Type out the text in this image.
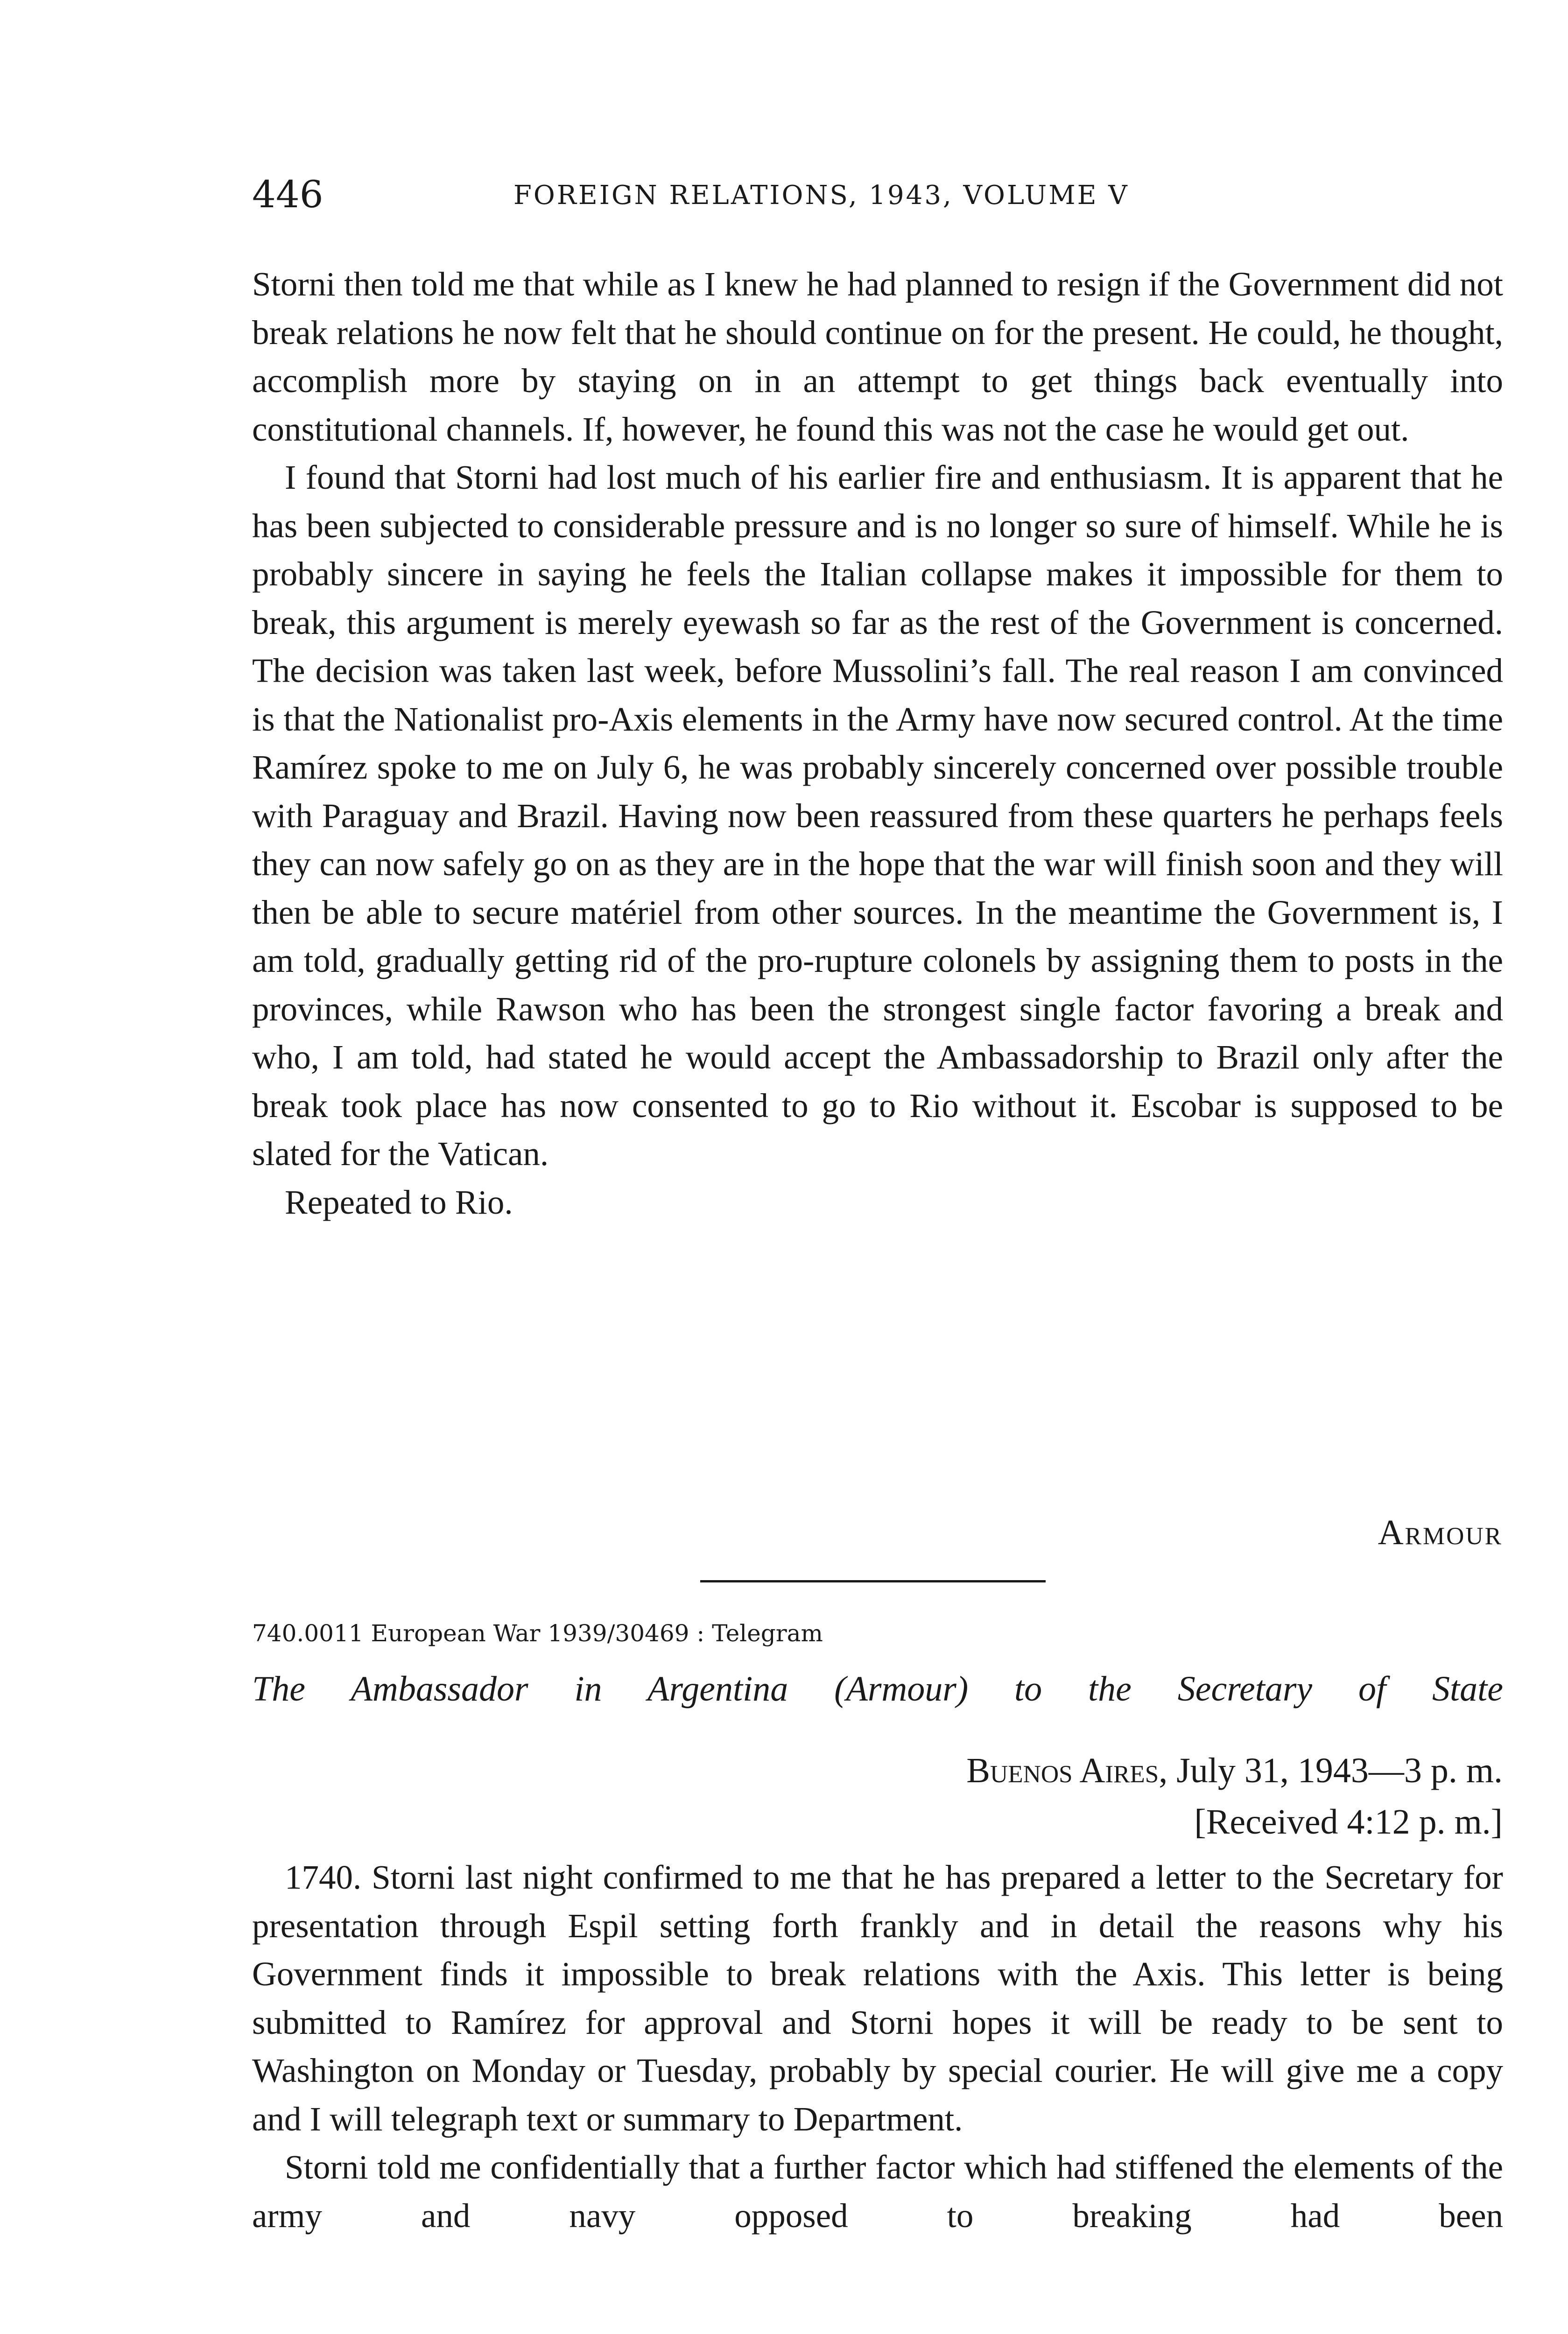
446	FOREIGN RELATIONS, 1943, VOLUME V

Storni then told me that while as I knew he had planned to resign if the Government did not break relations he now felt that he should continue on for the present. He could, he thought, accomplish more by staying on in an attempt to get things back eventually into constitutional channels. If, however, he found this was not the case he would get out.

I found that Storni had lost much of his earlier fire and enthusiasm. It is apparent that he has been subjected to considerable pressure and is no longer so sure of himself. While he is probably sincere in saying he feels the Italian collapse makes it impossible for them to break, this argument is merely eyewash so far as the rest of the Government is concerned. The decision was taken last week, before Mussolini’s fall. The real reason I am convinced is that the Nationalist pro-Axis elements in the Army have now secured control. At the time Ramírez spoke to me on July 6, he was probably sincerely concerned over possible trouble with Paraguay and Brazil. Having now been reassured from these quarters he perhaps feels they can now safely go on as they are in the hope that the war will finish soon and they will then be able to secure matériel from other sources. In the meantime the Government is, I am told, gradually getting rid of the pro-rupture colonels by assigning them to posts in the provinces, while Rawson who has been the strongest single factor favoring a break and who, I am told, had stated he would accept the Ambassadorship to Brazil only after the break took place has now consented to go to Rio without it. Escobar is supposed to be slated for the Vatican.

Repeated to Rio.

Armour
740.0011 European War 1939/30469 : Telegram
The Ambassador in Argentina (Armour) to the Secretary of State
Buenos Aires, July 31, 1943—3 p. m.
[Received 4:12 p. m.]

1740. Storni last night confirmed to me that he has prepared a letter to the Secretary for presentation through Espil setting forth frankly and in detail the reasons why his Government finds it impossible to break relations with the Axis. This letter is being submitted to Ramírez for approval and Storni hopes it will be ready to be sent to Washington on Monday or Tuesday, probably by special courier. He will give me a copy and I will telegraph text or summary to Department.

Storni told me confidentially that a further factor which had stiffened the elements of the army and navy opposed to breaking had been
